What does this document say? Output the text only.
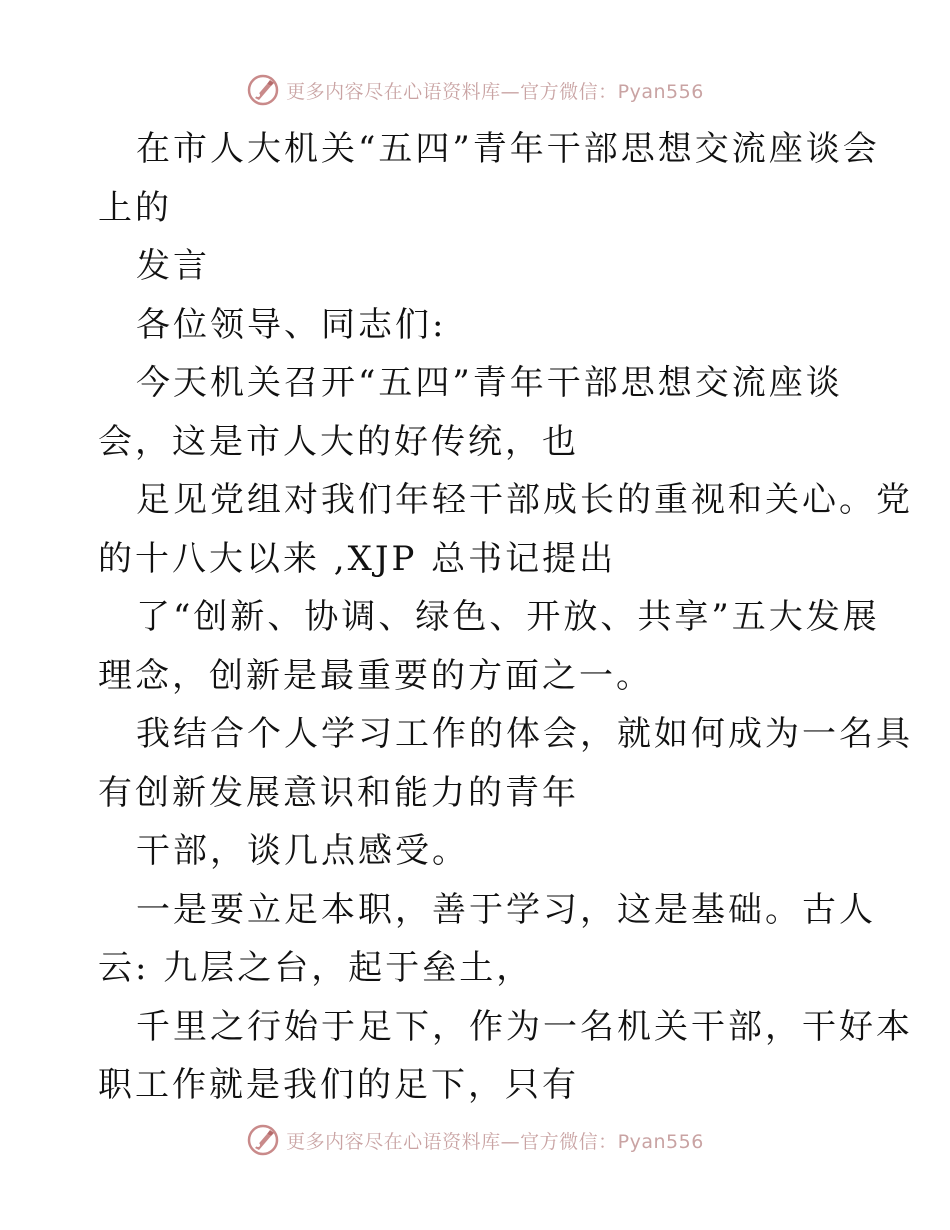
更多内容尽在心语资料库—官方微信：Pyan556
在市人大机关“五四”青年干部思想交流座谈会
上的
发言
各位领导、同志们:
今天机关召开“五四”青年干部思想交流座谈
会，这是市人大的好传统，也
足见党组对我们年轻干部成长的重视和关心。党
的十八大以来 ,XJP 总书记提出
了“创新、协调、绿色、开放、共享”五大发展
理念，创新是最重要的方面之一。
我结合个人学习工作的体会，就如何成为一名具
有创新发展意识和能力的青年
干部，谈几点感受。
一是要立足本职，善于学习，这是基础。古人
云: 九层之台，起于垒土，
千里之行始于足下，作为一名机关干部，干好本
职工作就是我们的足下，只有
更多内容尽在心语资料库—官方微信：Pyan556
